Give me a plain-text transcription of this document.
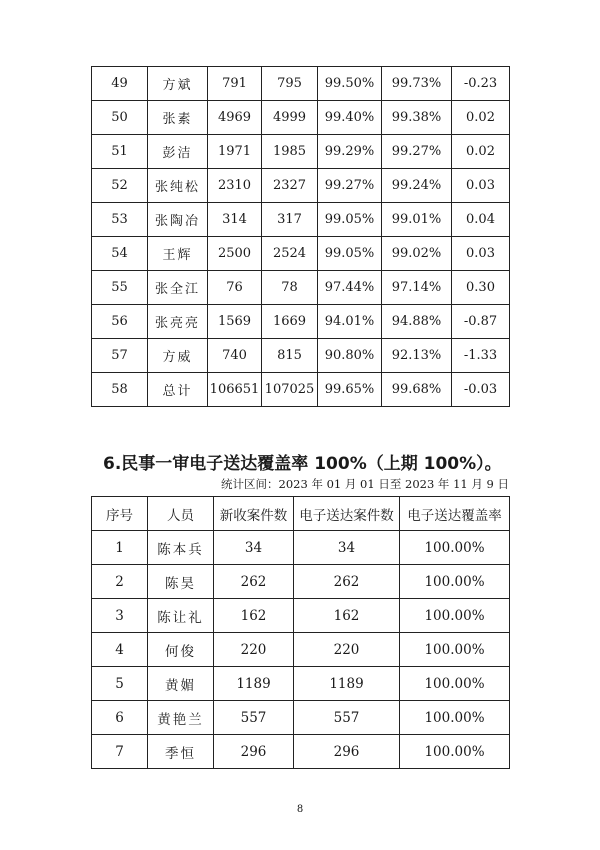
49	方斌	791	795	99.50%	99.73%	-0.23
50	张素	4969	4999	99.40%	99.38%	0.02
51	彭洁	1971	1985	99.29%	99.27%	0.02
52	张纯松	2310	2327	99.27%	99.24%	0.03
53	张陶冶	314	317	99.05%	99.01%	0.04
54	王辉	2500	2524	99.05%	99.02%	0.03
55	张全江	76	78	97.44%	97.14%	0.30
56	张亮亮	1569	1669	94.01%	94.88%	-0.87
57	方威	740	815	90.80%	92.13%	-1.33
58	总计	106651	107025	99.65%	99.68%	-0.03
6.民事一审电子送达覆盖率 100%（上期 100%）。
统计区间：2023 年 01 月 01 日至 2023 年 11 月 9 日
序号	人员	新收案件数	电子送达案件数	电子送达覆盖率
1	陈本兵	34	34	100.00%
2	陈昊	262	262	100.00%
3	陈让礼	162	162	100.00%
4	何俊	220	220	100.00%
5	黄媚	1189	1189	100.00%
6	黄艳兰	557	557	100.00%
7	季恒	296	296	100.00%
8
